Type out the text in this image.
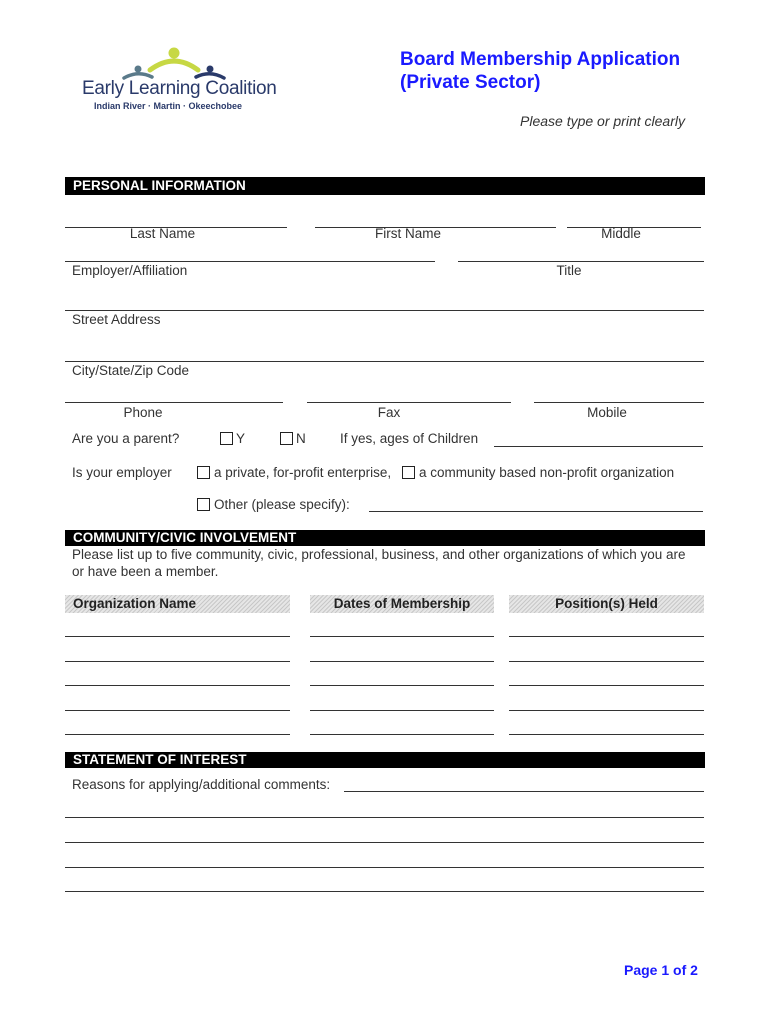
Early Learning Coalition
Indian River · Martin · Okeechobee
Board Membership Application
(Private Sector)
Please type or print clearly
PERSONAL INFORMATION
Last Name	First Name	Middle
Employer/Affiliation	Title
Street Address
City/State/Zip Code
Phone	Fax	Mobile
Are you a parent?	Y	N	If yes, ages of Children
Is your employer	a private, for-profit enterprise, a community based non-profit organization
Other (please specify):
COMMUNITY/CIVIC INVOLVEMENT
Please list up to five community, civic, professional, business, and other organizations of which you are or have been a member.
Organization Name	Dates of Membership	Position(s) Held
STATEMENT OF INTEREST
Reasons for applying/additional comments:
Page 1 of 2
